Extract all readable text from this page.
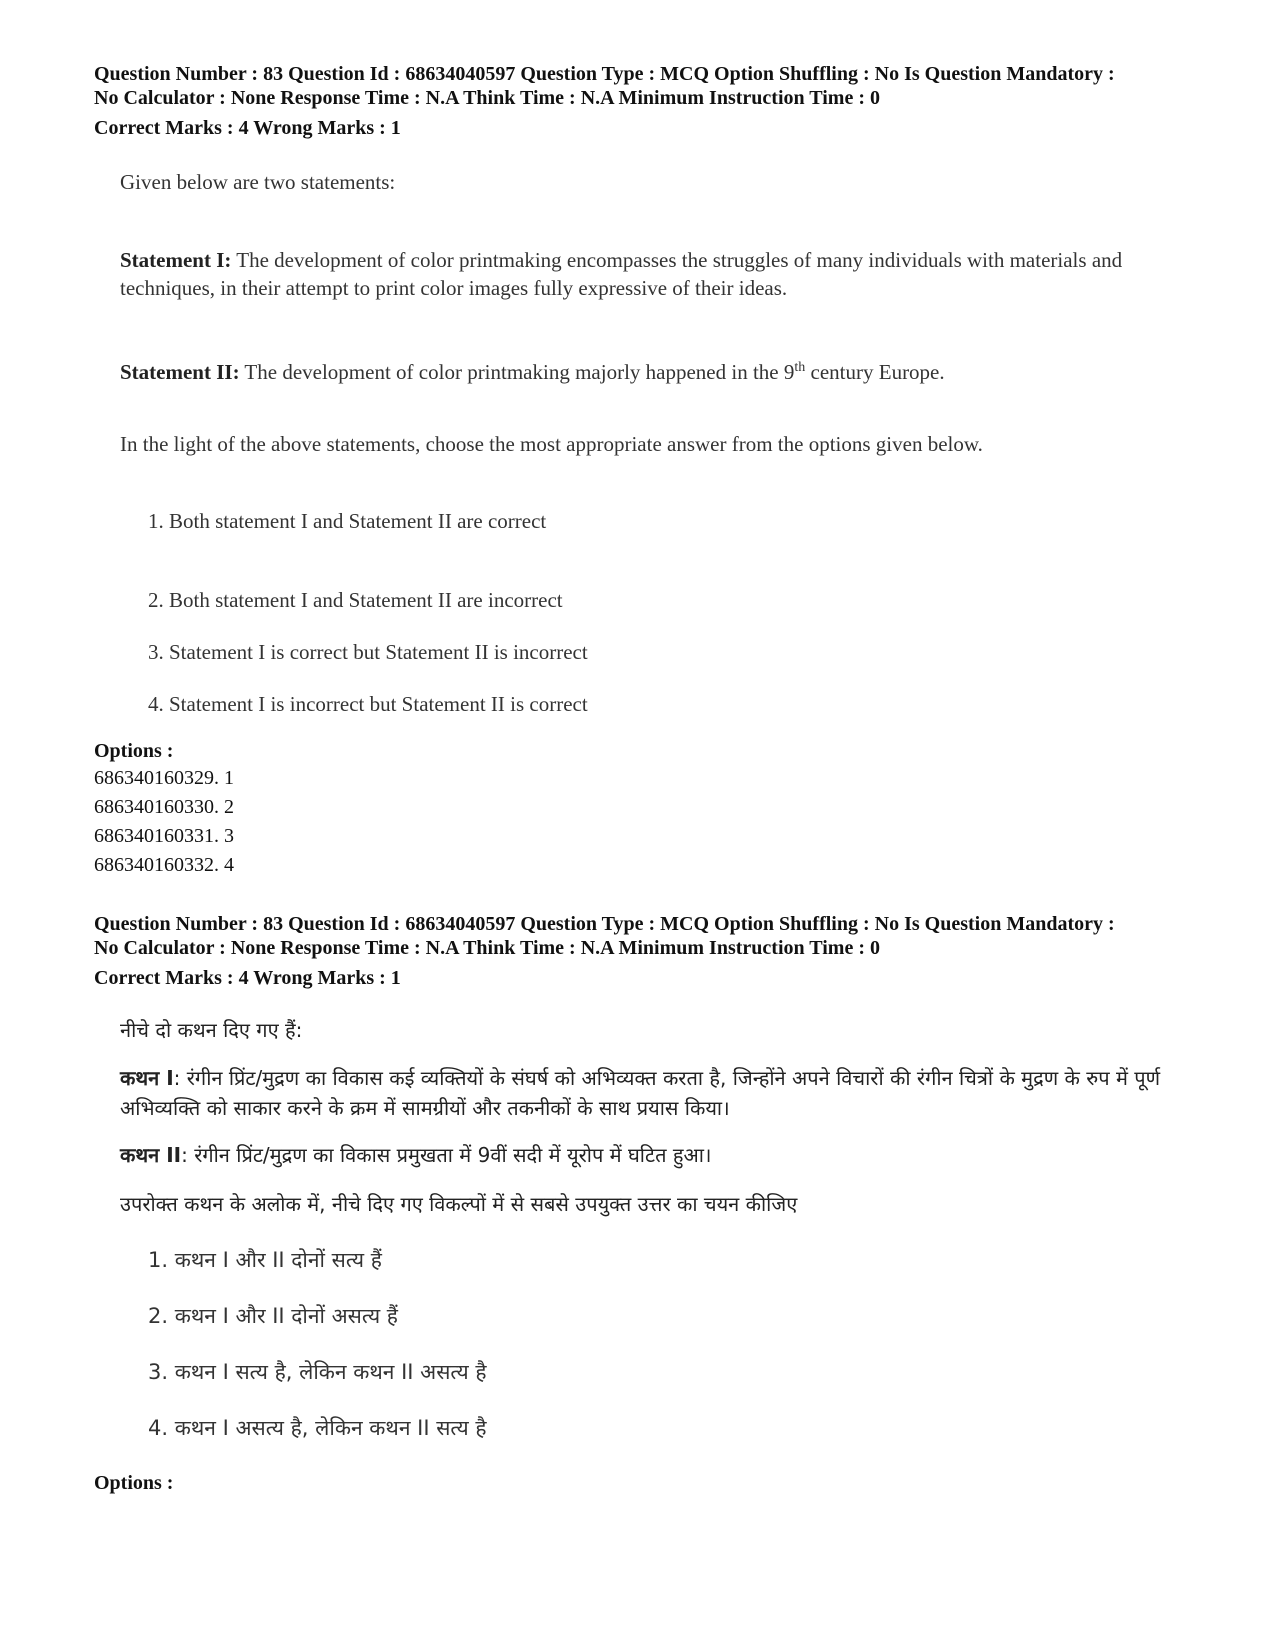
Question Number : 83 Question Id : 68634040597 Question Type : MCQ Option Shuffling : No Is Question Mandatory :
No Calculator : None Response Time : N.A Think Time : N.A Minimum Instruction Time : 0
Correct Marks : 4 Wrong Marks : 1
Given below are two statements:
Statement I: The development of color printmaking encompasses the struggles of many individuals with materials and techniques, in their attempt to print color images fully expressive of their ideas.
Statement II: The development of color printmaking majorly happened in the 9th century Europe.
In the light of the above statements, choose the most appropriate answer from the options given below.
1. Both statement I and Statement II are correct
2. Both statement I and Statement II are incorrect
3. Statement I is correct but Statement II is incorrect
4. Statement I is incorrect but Statement II is correct
Options :
686340160329. 1
686340160330. 2
686340160331. 3
686340160332. 4
Question Number : 83 Question Id : 68634040597 Question Type : MCQ Option Shuffling : No Is Question Mandatory :
No Calculator : None Response Time : N.A Think Time : N.A Minimum Instruction Time : 0
Correct Marks : 4 Wrong Marks : 1
नीचे दो कथन दिए गए हैं:
कथन I: रंगीन प्रिंट/मुद्रण का विकास कई व्यक्तियों के संघर्ष को अभिव्यक्त करता है, जिन्होंने अपने विचारों की रंगीन चित्रों के मुद्रण के रुप में पूर्ण अभिव्यक्ति को साकार करने के क्रम में सामग्रीयों और तकनीकों के साथ प्रयास किया।
कथन II: रंगीन प्रिंट/मुद्रण का विकास प्रमुखता में 9वीं सदी में यूरोप में घटित हुआ।
उपरोक्त कथन के अलोक में, नीचे दिए गए विकल्पों में से सबसे उपयुक्त उत्तर का चयन कीजिए
1. कथन I और II दोनों सत्य हैं
2. कथन I और II दोनों असत्य हैं
3. कथन I सत्य है, लेकिन कथन II असत्य है
4. कथन I असत्य है, लेकिन कथन II सत्य है
Options :
